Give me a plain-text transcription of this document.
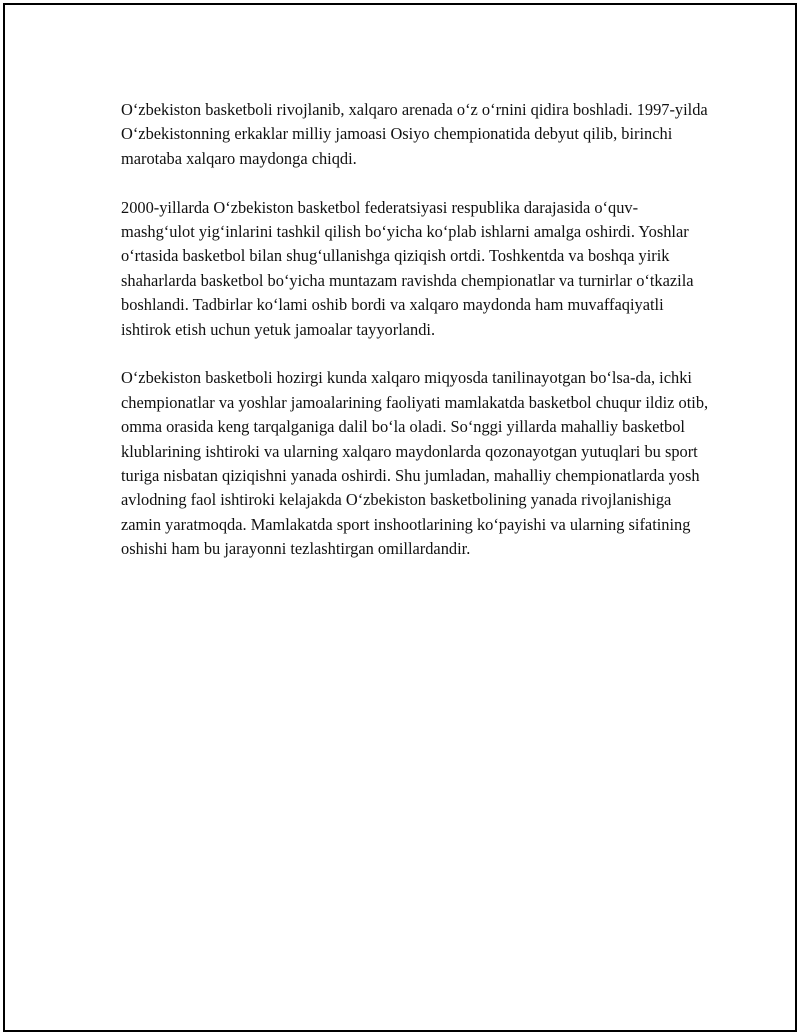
O‘zbekiston basketboli rivojlanib, xalqaro arenada o‘z o‘rnini qidira boshladi. 1997-yilda O‘zbekistonning erkaklar milliy jamoasi Osiyo chempionatida debyut qilib, birinchi marotaba xalqaro maydonga chiqdi.

2000-yillarda O‘zbekiston basketbol federatsiyasi respublika darajasida o‘quv-mashg‘ulot yig‘inlarini tashkil qilish bo‘yicha ko‘plab ishlarni amalga oshirdi. Yoshlar o‘rtasida basketbol bilan shug‘ullanishga qiziqish ortdi. Toshkentda va boshqa yirik shaharlarda basketbol bo‘yicha muntazam ravishda chempionatlar va turnirlar o‘tkazila boshlandi. Tadbirlar ko‘lami oshib bordi va xalqaro maydonda ham muvaffaqiyatli ishtirok etish uchun yetuk jamoalar tayyorlandi.

O‘zbekiston basketboli hozirgi kunda xalqaro miqyosda tanilinayotgan bo‘lsa-da, ichki chempionatlar va yoshlar jamoalarining faoliyati mamlakatda basketbol chuqur ildiz otib, omma orasida keng tarqalganiga dalil bo‘la oladi. So‘nggi yillarda mahalliy basketbol klublarining ishtiroki va ularning xalqaro maydonlarda qozonayotgan yutuqlari bu sport turiga nisbatan qiziqishni yanada oshirdi. Shu jumladan, mahalliy chempionatlarda yosh avlodning faol ishtiroki kelajakda O‘zbekiston basketbolining yanada rivojlanishiga zamin yaratmoqda. Mamlakatda sport inshootlarining ko‘payishi va ularning sifatining oshishi ham bu jarayonni tezlashtirgan omillardandir.
